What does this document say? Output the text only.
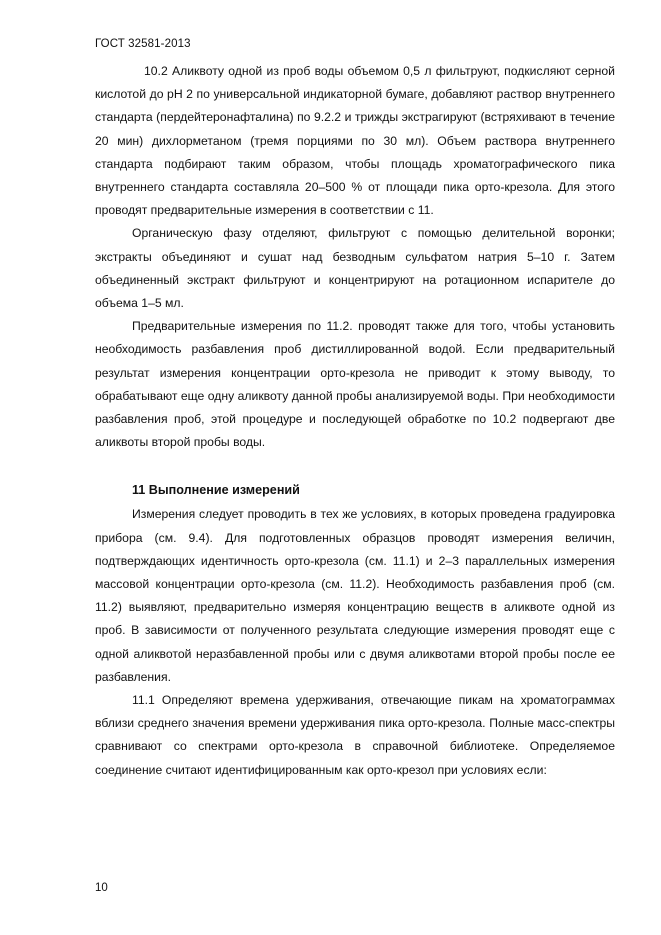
ГОСТ 32581-2013

10.2 Аликвоту одной из проб воды объемом 0,5 л фильтруют, подкисляют серной кислотой до рН 2 по универсальной индикаторной бумаге, добавляют раствор внутреннего стандарта (пердейтеронафталина) по 9.2.2 и трижды экстрагируют (встряхивают в течение 20 мин) дихлорметаном (тремя порциями по 30 мл). Объем раствора внутреннего стандарта подбирают таким образом, чтобы площадь хроматографического пика внутреннего стандарта составляла 20–500 % от площади пика орто-крезола. Для этого проводят предварительные измерения в соответствии с 11.

Органическую фазу отделяют, фильтруют с помощью делительной воронки; экстракты объединяют и сушат над безводным сульфатом натрия 5–10 г. Затем объединенный экстракт фильтруют и концентрируют на ротационном испарителе до объема 1–5 мл.

Предварительные измерения по 11.2. проводят также для того, чтобы установить необходимость разбавления проб дистиллированной водой. Если предварительный результат измерения концентрации орто-крезола не приводит к этому выводу, то обрабатывают еще одну аликвоту данной пробы анализируемой воды. При необходимости разбавления проб, этой процедуре и последующей обработке по 10.2 подвергают две аликвоты второй пробы воды.

11 Выполнение измерений

Измерения следует проводить в тех же условиях, в которых проведена градуировка прибора (см. 9.4). Для подготовленных образцов проводят измерения величин, подтверждающих идентичность орто-крезола (см. 11.1) и 2–3 параллельных измерения массовой концентрации орто-крезола (см. 11.2). Необходимость разбавления проб (см. 11.2) выявляют, предварительно измеряя концентрацию веществ в аликвоте одной из проб. В зависимости от полученного результата следующие измерения проводят еще с одной аликвотой неразбавленной пробы или с двумя аликвотами второй пробы после ее разбавления.

11.1 Определяют времена удерживания, отвечающие пикам на хроматограммах вблизи среднего значения времени удерживания пика орто-крезола. Полные масс-спектры сравнивают со спектрами орто-крезола в справочной библиотеке. Определяемое соединение считают идентифицированным как орто-крезол при условиях если:

10
